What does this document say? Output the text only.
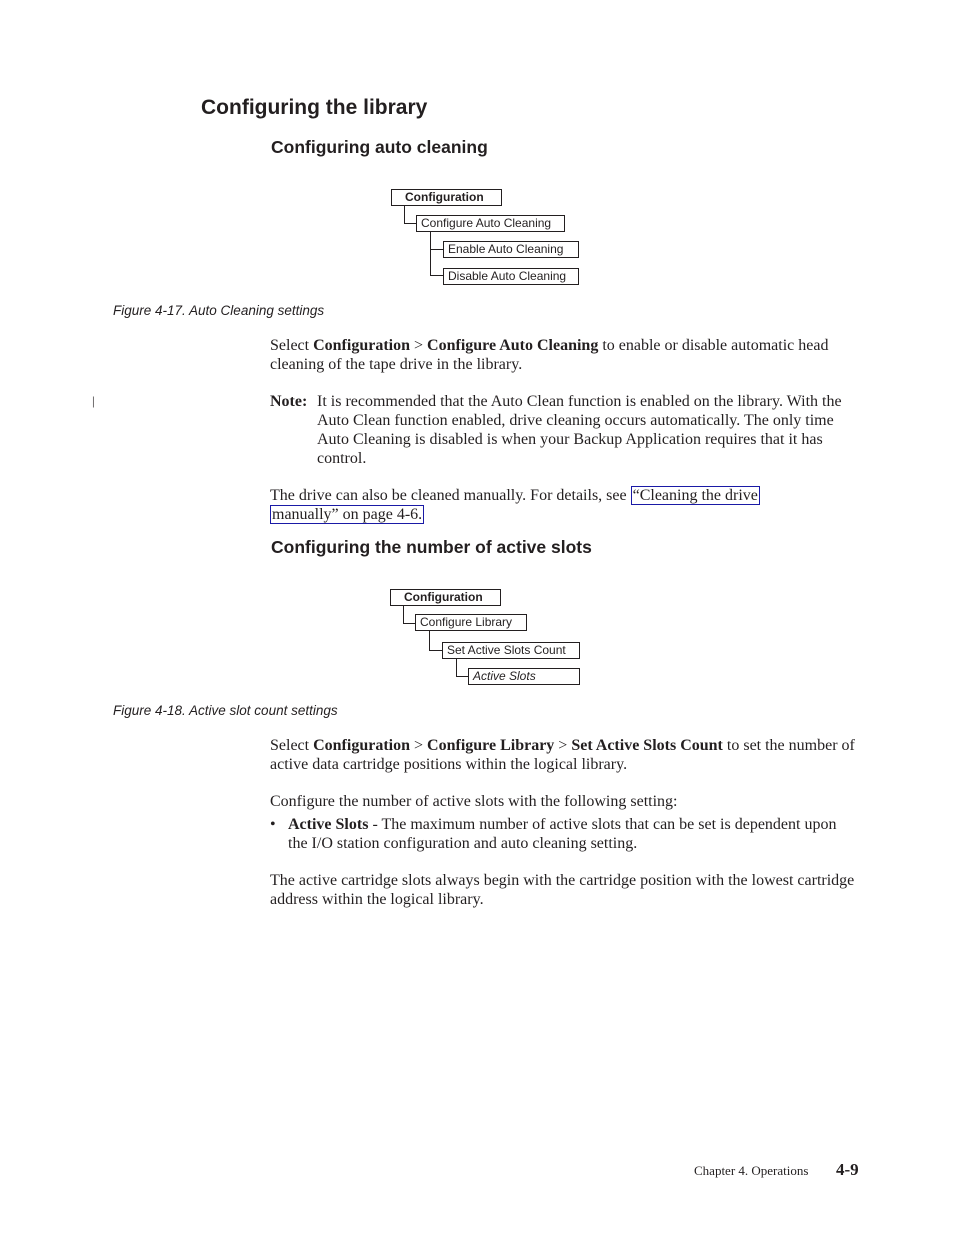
Configuring the library
Configuring auto cleaning
Configuration
Configure Auto Cleaning
Enable Auto Cleaning
Disable Auto Cleaning
Figure 4-17. Auto Cleaning settings
Select Configuration > Configure Auto Cleaning to enable or disable automatic head cleaning of the tape drive in the library.
|	Note: It is recommended that the Auto Clean function is enabled on the library. With the Auto Clean function enabled, drive cleaning occurs automatically. The only time Auto Cleaning is disabled is when your Backup Application requires that it has control.
The drive can also be cleaned manually. For details, see “Cleaning the drive
manually” on page 4-6.
Configuring the number of active slots
Configuration
Configure Library
Set Active Slots Count
Active Slots
Figure 4-18. Active slot count settings
Select Configuration > Configure Library > Set Active Slots Count to set the number of active data cartridge positions within the logical library.
Configure the number of active slots with the following setting:
• Active Slots - The maximum number of active slots that can be set is dependent upon the I/O station configuration and auto cleaning setting.
The active cartridge slots always begin with the cartridge position with the lowest cartridge address within the logical library.
Chapter 4. Operations 4-9
